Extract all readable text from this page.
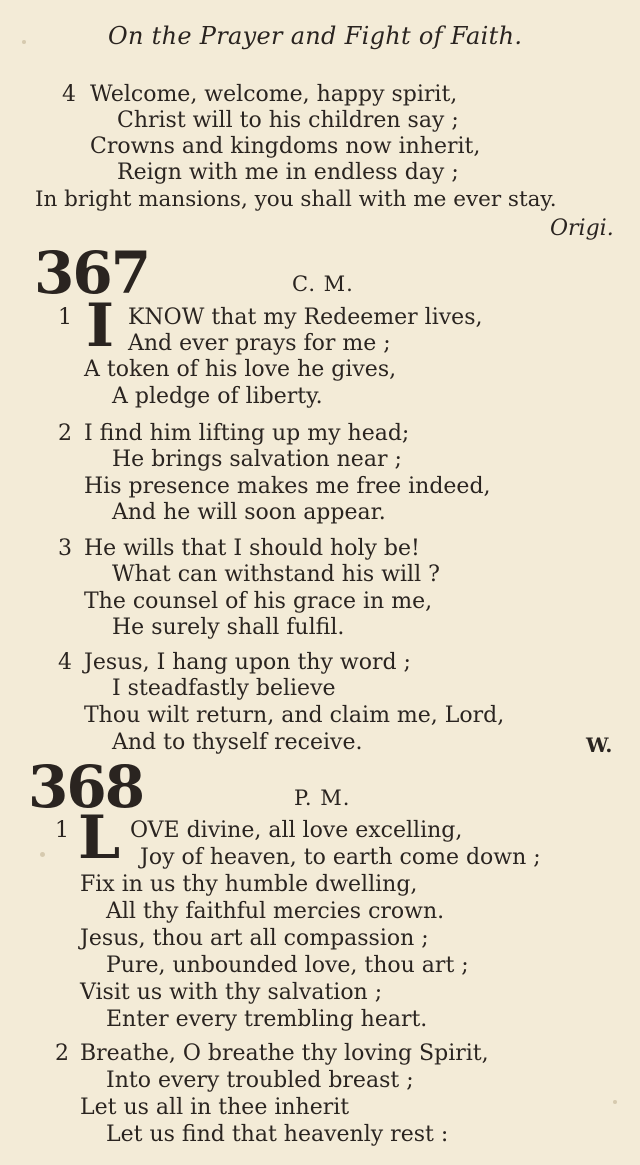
On the Prayer and Fight of Faith.
4 Welcome, welcome, happy spirit,
Christ will to his children say ;
Crowns and kingdoms now inherit,
Reign with me in endless day ;
In bright mansions, you shall with me ever stay.
Origi.
367	C. M.
1 I KNOW that my Redeemer lives,
And ever prays for me ;
A token of his love he gives,
A pledge of liberty.
2 I find him lifting up my head;
He brings salvation near ;
His presence makes me free indeed,
And he will soon appear.
3 He wills that I should holy be!
What can withstand his will ?
The counsel of his grace in me,
He surely shall fulfil.
4 Jesus, I hang upon thy word ;
I steadfastly believe
Thou wilt return, and claim me, Lord,
And to thyself receive.	W.
368	P. M.
1 L OVE divine, all love excelling,
Joy of heaven, to earth come down ;
Fix in us thy humble dwelling,
All thy faithful mercies crown.
Jesus, thou art all compassion ;
Pure, unbounded love, thou art ;
Visit us with thy salvation ;
Enter every trembling heart.
2 Breathe, O breathe thy loving Spirit,
Into every troubled breast ;
Let us all in thee inherit
Let us find that heavenly rest :
